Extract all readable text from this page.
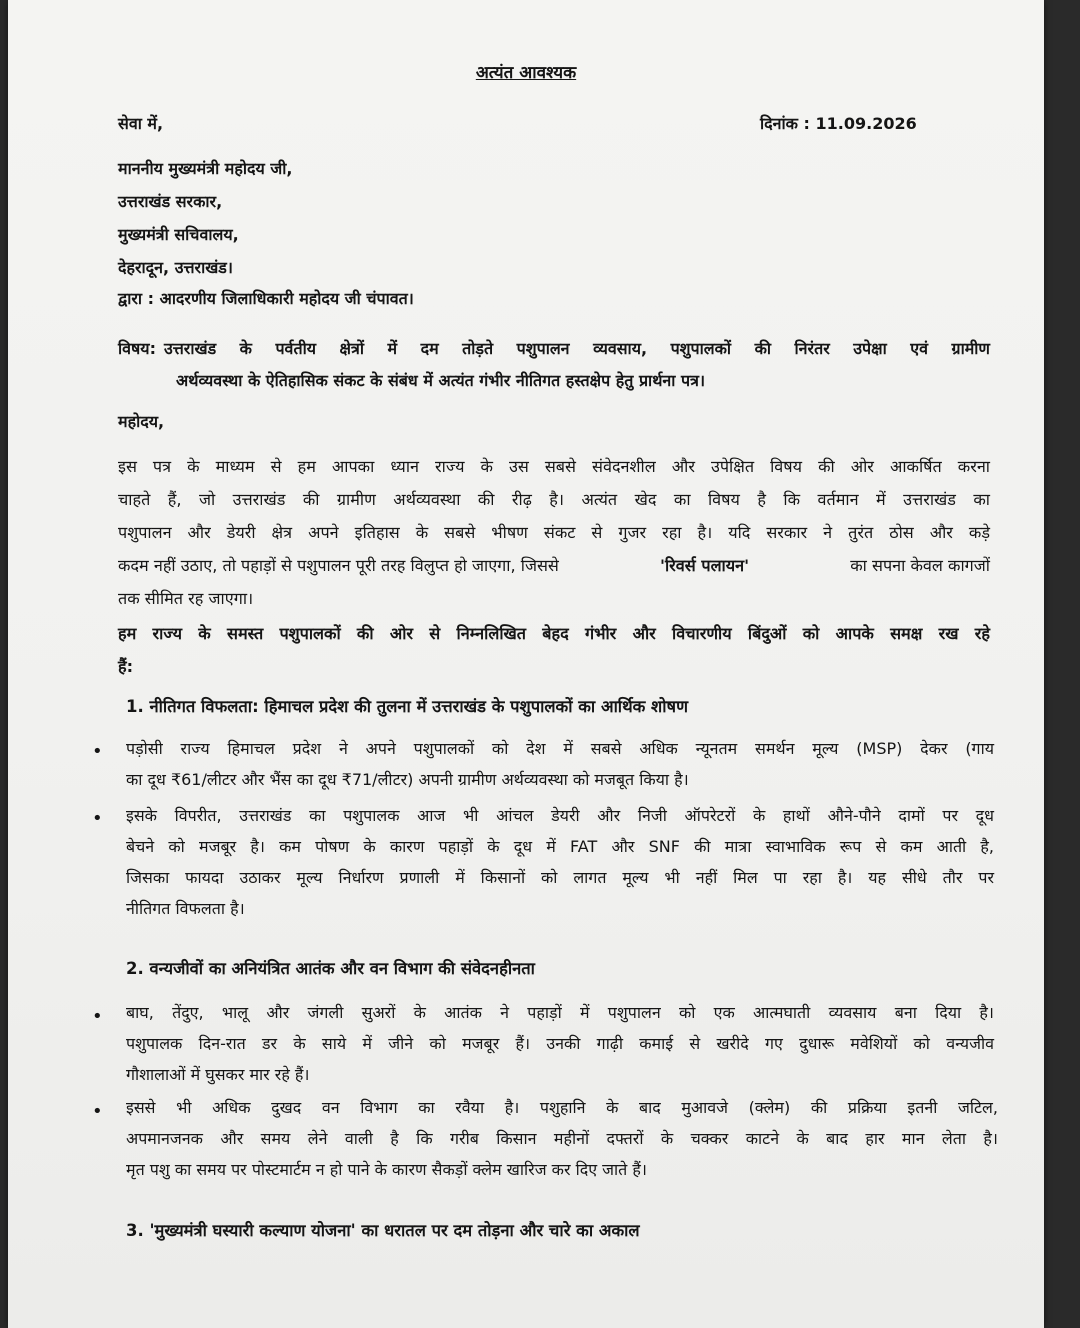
अत्यंत आवश्यक
सेवा में,	दिनांक : 11.09.2026
माननीय मुख्यमंत्री महोदय जी,
उत्तराखंड सरकार,
मुख्यमंत्री सचिवालय,
देहरादून, उत्तराखंड।
द्वारा : आदरणीय जिलाधिकारी महोदय जी चंपावत।
विषय: उत्तराखंड के पर्वतीय क्षेत्रों में दम तोड़ते पशुपालन व्यवसाय, पशुपालकों की निरंतर उपेक्षा एवं ग्रामीण
अर्थव्यवस्था के ऐतिहासिक संकट के संबंध में अत्यंत गंभीर नीतिगत हस्तक्षेप हेतु प्रार्थना पत्र।
महोदय,
इस पत्र के माध्यम से हम आपका ध्यान राज्य के उस सबसे संवेदनशील और उपेक्षित विषय की ओर आकर्षित करना
चाहते हैं, जो उत्तराखंड की ग्रामीण अर्थव्यवस्था की रीढ़ है। अत्यंत खेद का विषय है कि वर्तमान में उत्तराखंड का
पशुपालन और डेयरी क्षेत्र अपने इतिहास के सबसे भीषण संकट से गुजर रहा है। यदि सरकार ने तुरंत ठोस और कड़े
कदम नहीं उठाए, तो पहाड़ों से पशुपालन पूरी तरह विलुप्त हो जाएगा, जिससे	'रिवर्स पलायन'	का सपना केवल कागजों
तक सीमित रह जाएगा।
हम राज्य के समस्त पशुपालकों की ओर से निम्नलिखित बेहद गंभीर और विचारणीय बिंदुओं को आपके समक्ष रख रहे
हैं:
1. नीतिगत विफलता: हिमाचल प्रदेश की तुलना में उत्तराखंड के पशुपालकों का आर्थिक शोषण
• पड़ोसी राज्य हिमाचल प्रदेश ने अपने पशुपालकों को देश में सबसे अधिक न्यूनतम समर्थन मूल्य (MSP) देकर (गाय
का दूध ₹61/लीटर और भैंस का दूध ₹71/लीटर) अपनी ग्रामीण अर्थव्यवस्था को मजबूत किया है।
• इसके विपरीत, उत्तराखंड का पशुपालक आज भी आंचल डेयरी और निजी ऑपरेटरों के हाथों औने-पौने दामों पर दूध
बेचने को मजबूर है। कम पोषण के कारण पहाड़ों के दूध में FAT और SNF की मात्रा स्वाभाविक रूप से कम आती है,
जिसका फायदा उठाकर मूल्य निर्धारण प्रणाली में किसानों को लागत मूल्य भी नहीं मिल पा रहा है। यह सीधे तौर पर
नीतिगत विफलता है।
2. वन्यजीवों का अनियंत्रित आतंक और वन विभाग की संवेदनहीनता
• बाघ, तेंदुए, भालू और जंगली सुअरों के आतंक ने पहाड़ों में पशुपालन को एक आत्मघाती व्यवसाय बना दिया है।
पशुपालक दिन-रात डर के साये में जीने को मजबूर हैं। उनकी गाढ़ी कमाई से खरीदे गए दुधारू मवेशियों को वन्यजीव
गौशालाओं में घुसकर मार रहे हैं।
• इससे भी अधिक दुखद वन विभाग का रवैया है। पशुहानि के बाद मुआवजे (क्लेम) की प्रक्रिया इतनी जटिल,
अपमानजनक और समय लेने वाली है कि गरीब किसान महीनों दफ्तरों के चक्कर काटने के बाद हार मान लेता है।
मृत पशु का समय पर पोस्टमार्टम न हो पाने के कारण सैकड़ों क्लेम खारिज कर दिए जाते हैं।
3. 'मुख्यमंत्री घस्यारी कल्याण योजना' का धरातल पर दम तोड़ना और चारे का अकाल
